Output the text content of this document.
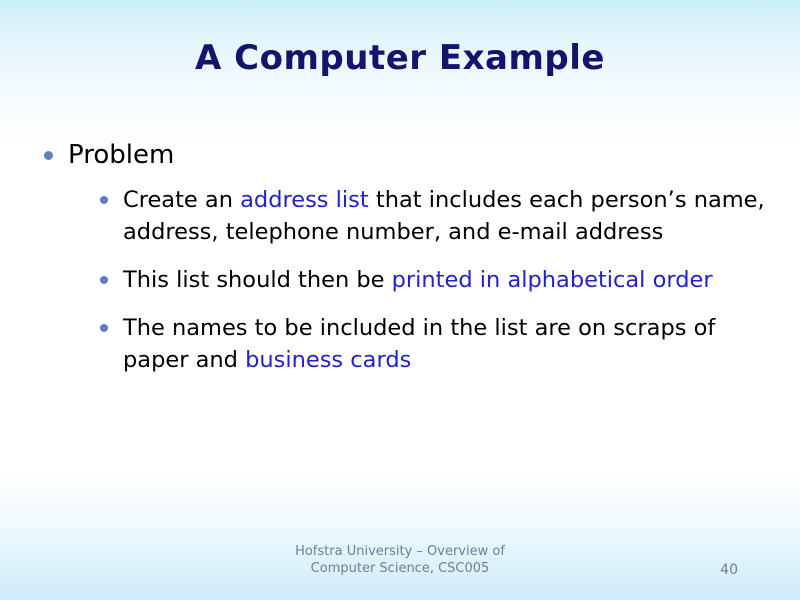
A Computer Example
Problem
Create an address list that includes each person’s name, address, telephone number, and e-mail address
This list should then be printed in alphabetical order
The names to be included in the list are on scraps of paper and business cards
Hofstra University – Overview of
Computer Science, CSC005	40
